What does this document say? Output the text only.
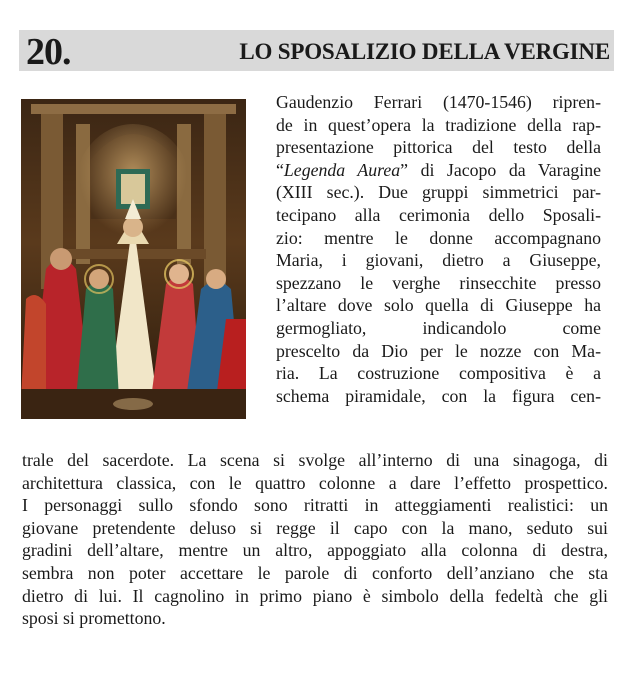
20.	LO SPOSALIZIO DELLA VERGINE
Gaudenzio Ferrari (1470-1546) ripren-
de in quest’opera la tradizione della rap-
presentazione pittorica del testo della
“Legenda Aurea” di Jacopo da Varagine
(XIII sec.). Due gruppi simmetrici par-
tecipano alla cerimonia dello Sposali-
zio: mentre le donne accompagnano
Maria, i giovani, dietro a Giuseppe,
spezzano le verghe rinsecchite presso
l’altare dove solo quella di Giuseppe ha
germogliato, indicandolo come
prescelto da Dio per le nozze con Ma-
ria. La costruzione compositiva è a
schema piramidale, con la figura cen-
trale del sacerdote. La scena si svolge all’interno di una sinagoga, di
architettura classica, con le quattro colonne a dare l’effetto prospettico.
I personaggi sullo sfondo sono ritratti in atteggiamenti realistici: un
giovane pretendente deluso si regge il capo con la mano, seduto sui
gradini dell’altare, mentre un altro, appoggiato alla colonna di destra,
sembra non poter accettare le parole di conforto dell’anziano che sta
dietro di lui. Il cagnolino in primo piano è simbolo della fedeltà che gli
sposi si promettono.
